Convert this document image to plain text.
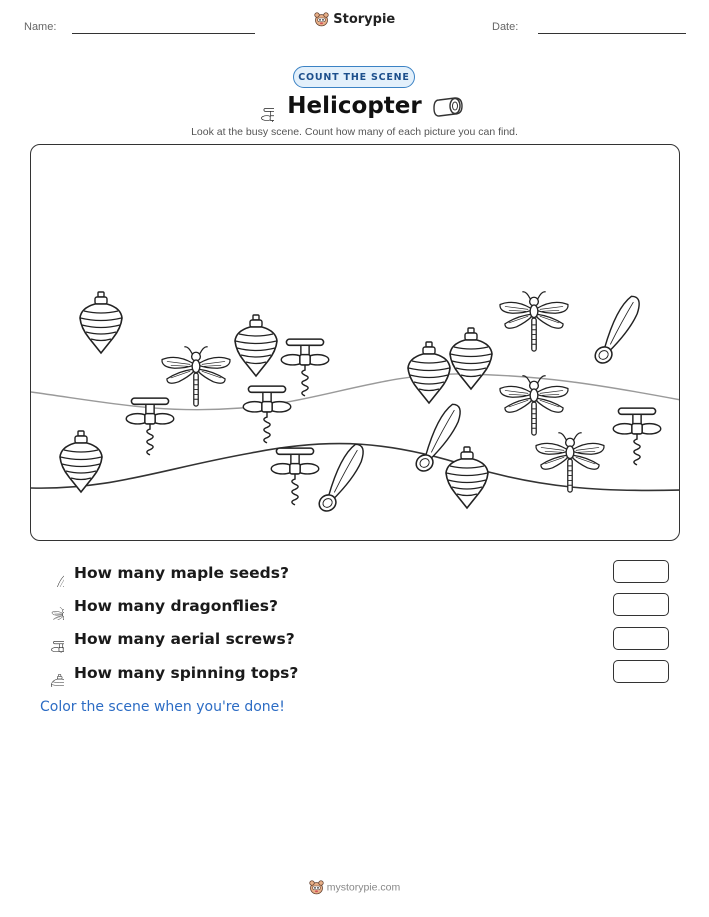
Name:	Storypie	Date:
COUNT THE SCENE
Helicopter
Look at the busy scene. Count how many of each picture you can find.
How many maple seeds?
How many dragonflies?
How many aerial screws?
How many spinning tops?
Color the scene when you're done!
mystorypie.com
